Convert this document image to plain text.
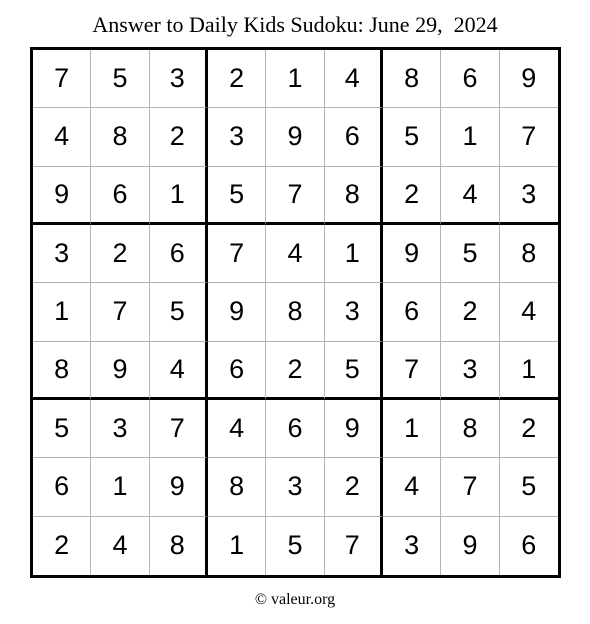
Answer to Daily Kids Sudoku: June 29,  2024
7	5	3	2	1	4	8	6	9
4	8	2	3	9	6	5	1	7
9	6	1	5	7	8	2	4	3
3	2	6	7	4	1	9	5	8
1	7	5	9	8	3	6	2	4
8	9	4	6	2	5	7	3	1
5	3	7	4	6	9	1	8	2
6	1	9	8	3	2	4	7	5
2	4	8	1	5	7	3	9	6
© valeur.org
